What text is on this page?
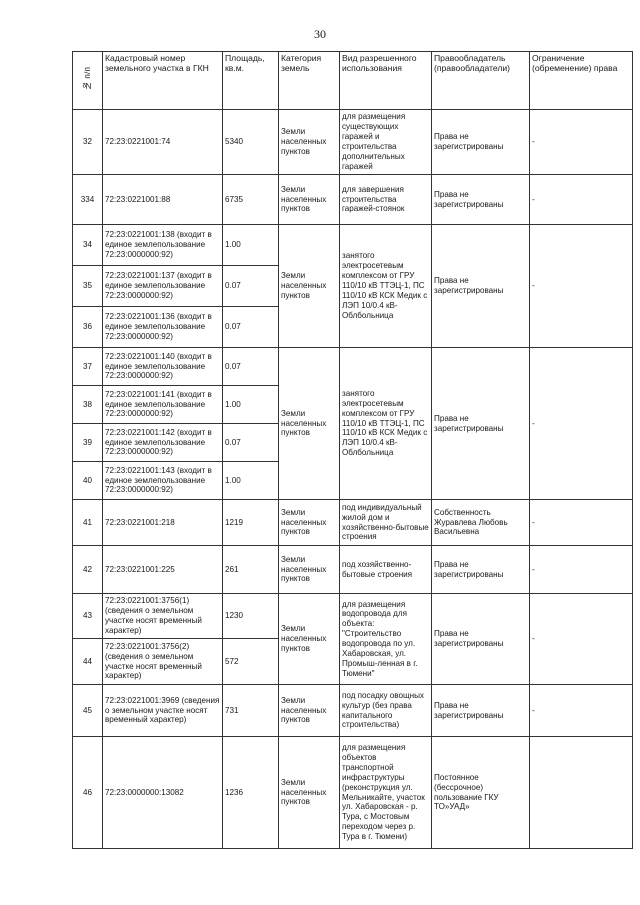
30
№ п/п	Кадастровый номер земельного участка в ГКН	Площадь, кв.м.	Категория земель	Вид разрешенного использования	Правообладатель (правообладатели)	Ограничение (обременение) права
32	72:23:0221001:74	5340	Земли населенных пунктов	для размещения существующих гаражей и строительства дополнительных гаражей	Права не зарегистрированы	-
334	72:23:0221001:88	6735	Земли населенных пунктов	для завершения строительства гаражей-стоянок	Права не зарегистрированы	-
34	72:23:0221001:138 (входит в единое землепользование 72:23:0000000:92)	1.00	Земли населенных пунктов	занятого электросетевым комплексом от ГРУ 110/10 кВ ТТЭЦ-1, ПС 110/10 кВ КСК Медик с ЛЭП 10/0.4 кВ-Облбольница	Права не зарегистрированы	-
35	72:23:0221001:137 (входит в единое землепользование 72:23:0000000:92)	0.07				
36	72:23:0221001:136 (входит в единое землепользование 72:23:0000000:92)	0.07				
37	72:23:0221001:140 (входит в единое землепользование 72:23:0000000:92)	0.07	Земли населенных пунктов	занятого электросетевым комплексом от ГРУ 110/10 кВ ТТЭЦ-1, ПС 110/10 кВ КСК Медик с ЛЭП 10/0.4 кВ-Облбольница	Права не зарегистрированы	-
38	72:23:0221001:141 (входит в единое землепользование 72:23:0000000:92)	1.00				
39	72:23:0221001:142 (входит в единое землепользование 72:23:0000000:92)	0.07				
40	72:23:0221001:143 (входит в единое землепользование 72:23:0000000:92)	1.00				
41	72:23:0221001:218	1219	Земли населенных пунктов	под индивидуальный жилой дом и хозяйственно-бытовые строения	Собственность Журавлева Любовь Васильевна	-
42	72:23:0221001:225	261	Земли населенных пунктов	под хозяйственно-бытовые строения	Права не зарегистрированы	-
43	72:23:0221001:3756(1) (сведения о земельном участке носят временный характер)	1230	Земли населенных пунктов	для размещения водопровода для объекта: "Строительство водопровода по ул. Хабаровская, ул. Промыш-ленная в г. Тюмени"	Права не зарегистрированы	-
44	72:23:0221001:3756(2) (сведения о земельном участке носят временный характер)	572				
45	72:23:0221001:3969 (сведения о земельном участке носят временный характер)	731	Земли населенных пунктов	под посадку овощных культур (без права капитального строительства)	Права не зарегистрированы	-
46	72:23:0000000:13082	1236	Земли населенных пунктов	для размещения объектов транспортной инфраструктуры (реконструкция ул. Мельникайте, участок ул. Хабаровская - р. Тура, с Мостовым переходом через р. Тура в г. Тюмени)	Постоянное (бессрочное) пользование ГКУ ТО»УАД»	
